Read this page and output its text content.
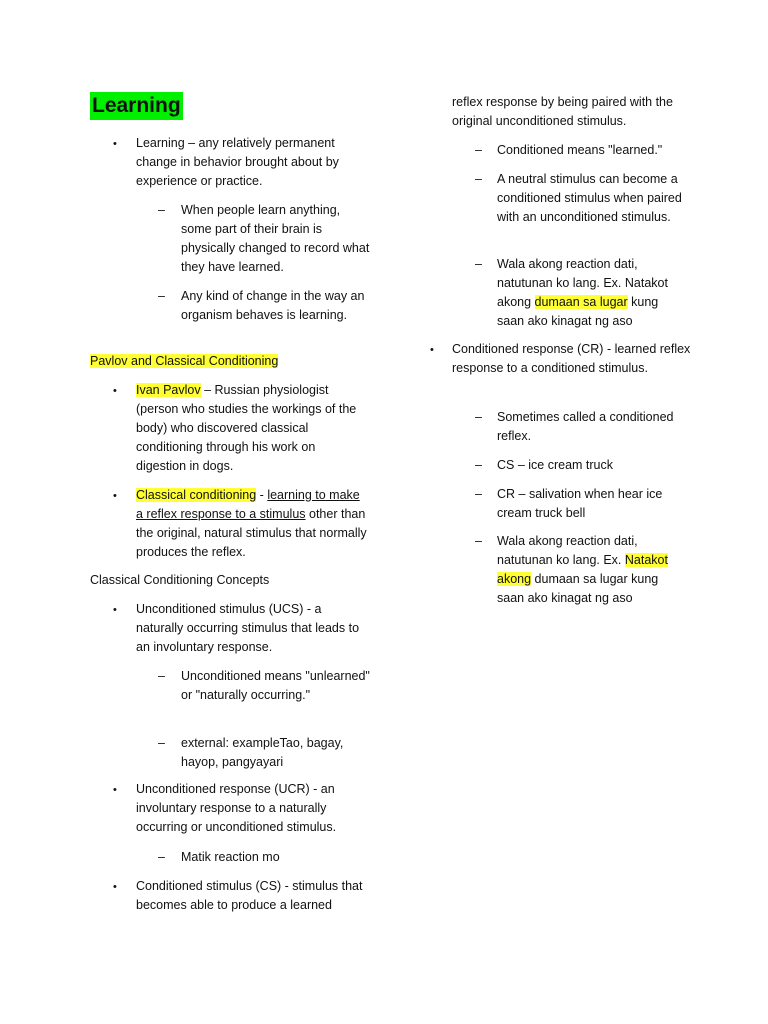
Learning
•

Learning – any relatively permanent change in behavior brought about by experience or practice.

–

When people learn anything, some part of their brain is physically changed to record what they have learned.

–

Any kind of change in the way an organism behaves is learning.

Pavlov and Classical Conditioning

•

Ivan Pavlov – Russian physiologist (person who studies the workings of the body) who discovered classical conditioning through his work on digestion in dogs.

•

Classical conditioning - learning to make a reflex response to a stimulus other than the original, natural stimulus that normally produces the reflex.

Classical Conditioning Concepts

•

Unconditioned stimulus (UCS) - a naturally occurring stimulus that leads to an involuntary response.

–

Unconditioned means "unlearned" or "naturally occurring."

–

external: exampleTao, bagay, hayop, pangyayari

•

Unconditioned response (UCR) - an involuntary response to a naturally occurring or unconditioned stimulus.

–

Matik reaction mo

•

Conditioned stimulus (CS) - stimulus that becomes able to produce a learned

reflex response by being paired with the original unconditioned stimulus.

–

Conditioned means "learned."

–

A neutral stimulus can become a conditioned stimulus when paired with an unconditioned stimulus.

–

Wala akong reaction dati, natutunan ko lang. Ex. Natakot akong dumaan sa lugar kung saan ako kinagat ng aso

•

Conditioned response (CR) - learned reflex response to a conditioned stimulus.

–

Sometimes called a conditioned reflex.

–

CS – ice cream truck

–

CR – salivation when hear ice cream truck bell

–

Wala akong reaction dati, natutunan ko lang. Ex. Natakot akong dumaan sa lugar kung saan ako kinagat ng aso
